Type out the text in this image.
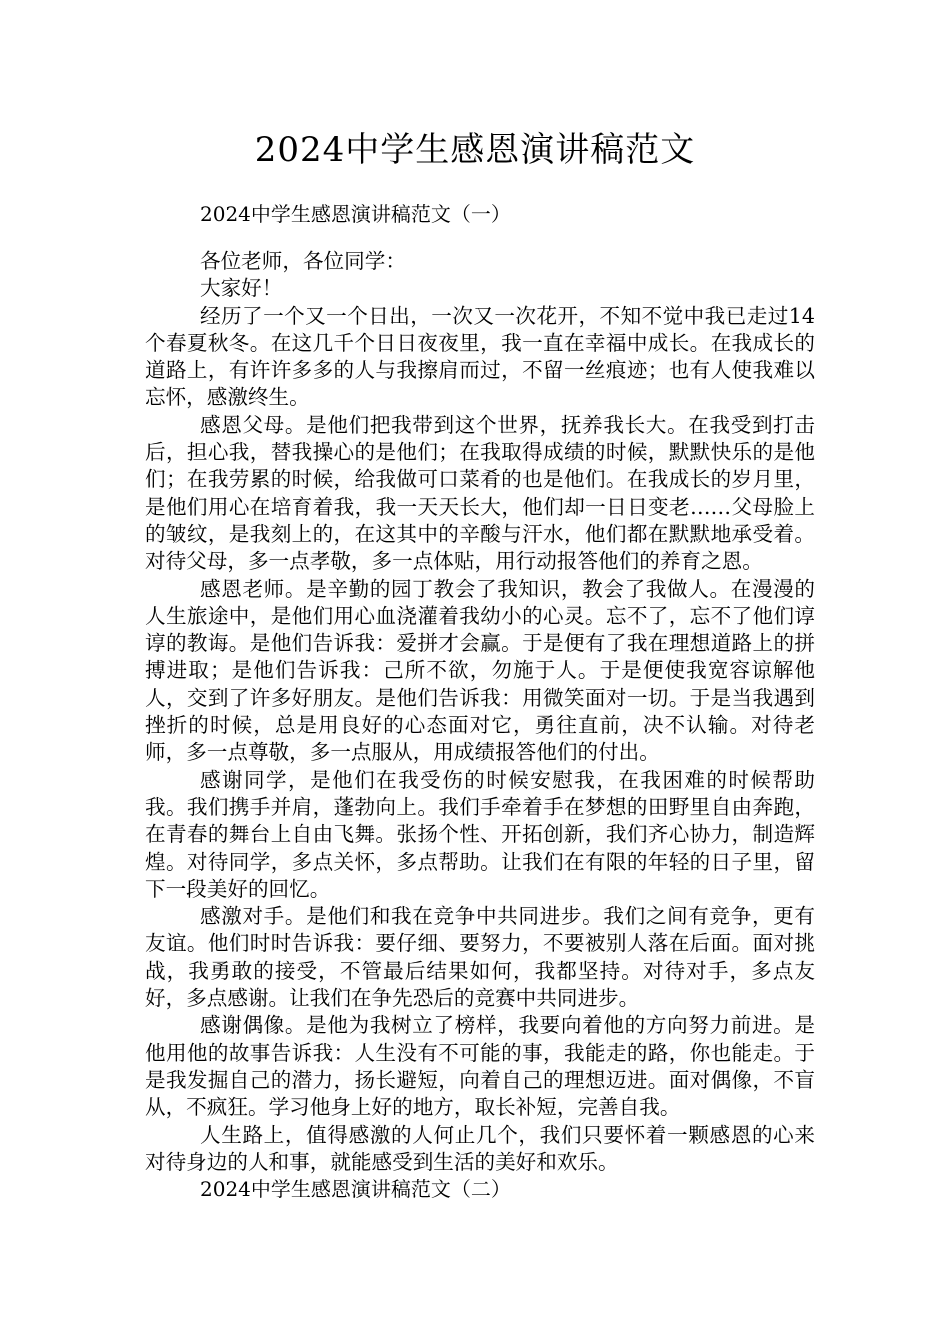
2024中学生感恩演讲稿范文

2024中学生感恩演讲稿范文（一）

各位老师，各位同学：

大家好！

经历了一个又一个日出，一次又一次花开，不知不觉中我已走过14个春夏秋冬。在这几千个日日夜夜里，我一直在幸福中成长。在我成长的道路上，有许许多多的人与我擦肩而过，不留一丝痕迹；也有人使我难以忘怀，感激终生。

感恩父母。是他们把我带到这个世界，抚养我长大。在我受到打击后，担心我，替我操心的是他们；在我取得成绩的时候，默默快乐的是他们；在我劳累的时候，给我做可口菜肴的也是他们。在我成长的岁月里，是他们用心在培育着我，我一天天长大，他们却一日日变老……父母脸上的皱纹，是我刻上的，在这其中的辛酸与汗水，他们都在默默地承受着。对待父母，多一点孝敬，多一点体贴，用行动报答他们的养育之恩。

感恩老师。是辛勤的园丁教会了我知识，教会了我做人。在漫漫的人生旅途中，是他们用心血浇灌着我幼小的心灵。忘不了，忘不了他们谆谆的教诲。是他们告诉我：爱拼才会赢。于是便有了我在理想道路上的拼搏进取；是他们告诉我：己所不欲，勿施于人。于是便使我宽容谅解他人，交到了许多好朋友。是他们告诉我：用微笑面对一切。于是当我遇到挫折的时候，总是用良好的心态面对它，勇往直前，决不认输。对待老师，多一点尊敬，多一点服从，用成绩报答他们的付出。

感谢同学，是他们在我受伤的时候安慰我，在我困难的时候帮助我。我们携手并肩，蓬勃向上。我们手牵着手在梦想的田野里自由奔跑，在青春的舞台上自由飞舞。张扬个性、开拓创新，我们齐心协力，制造辉煌。对待同学，多点关怀，多点帮助。让我们在有限的年轻的日子里，留下一段美好的回忆。

感激对手。是他们和我在竞争中共同进步。我们之间有竞争，更有友谊。他们时时告诉我：要仔细、要努力，不要被别人落在后面。面对挑战，我勇敢的接受，不管最后结果如何，我都坚持。对待对手，多点友好，多点感谢。让我们在争先恐后的竞赛中共同进步。

感谢偶像。是他为我树立了榜样，我要向着他的方向努力前进。是他用他的故事告诉我：人生没有不可能的事，我能走的路，你也能走。于是我发掘自己的潜力，扬长避短，向着自己的理想迈进。面对偶像，不盲从，不疯狂。学习他身上好的地方，取长补短，完善自我。

人生路上，值得感激的人何止几个，我们只要怀着一颗感恩的心来对待身边的人和事，就能感受到生活的美好和欢乐。

2024中学生感恩演讲稿范文（二）
